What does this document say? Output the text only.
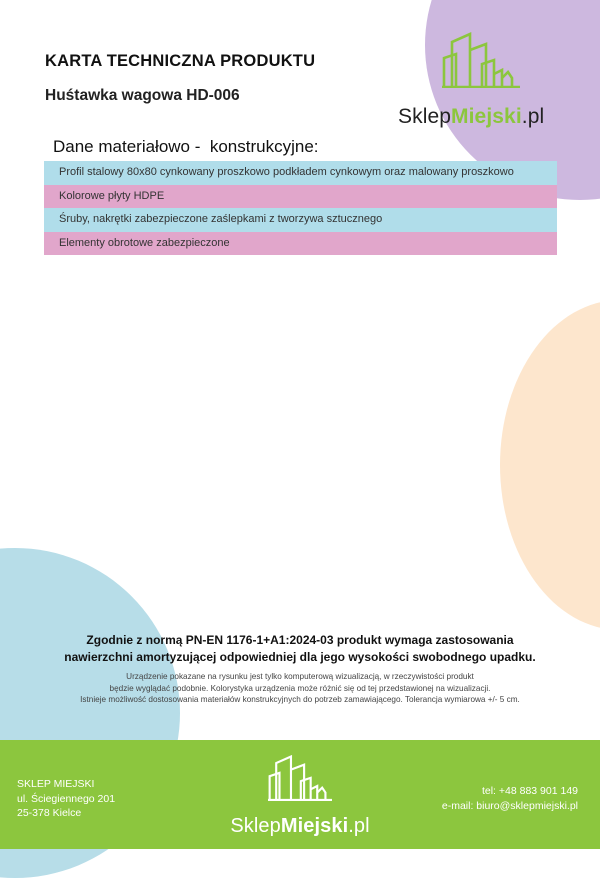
KARTA TECHNICZNA PRODUKTU
Huśtawka wagowa HD-006
SklepMiejski.pl
Dane materiałowo -  konstrukcyjne:
Profil stalowy 80x80 cynkowany proszkowo podkładem cynkowym oraz malowany proszkowo
Kolorowe płyty HDPE
Śruby, nakrętki zabezpieczone zaślepkami z tworzywa sztucznego
Elementy obrotowe zabezpieczone
Zgodnie z normą PN-EN 1176-1+A1:2024-03 produkt wymaga zastosowania
nawierzchni amortyzującej odpowiedniej dla jego wysokości swobodnego upadku.
Urządzenie pokazane na rysunku jest tylko komputerową wizualizacją, w rzeczywistości produkt
będzie wyglądać podobnie. Kolorystyka urządzenia może różnić się od tej przedstawionej na wizualizacji.
Istnieje możliwość dostosowania materiałów konstrukcyjnych do potrzeb zamawiającego. Tolerancja wymiarowa +/- 5 cm.
SKLEP MIEJSKI
ul. Ściegiennego 201
25-378 Kielce
SklepMiejski.pl
tel: +48 883 901 149
e-mail: biuro@sklepmiejski.pl
